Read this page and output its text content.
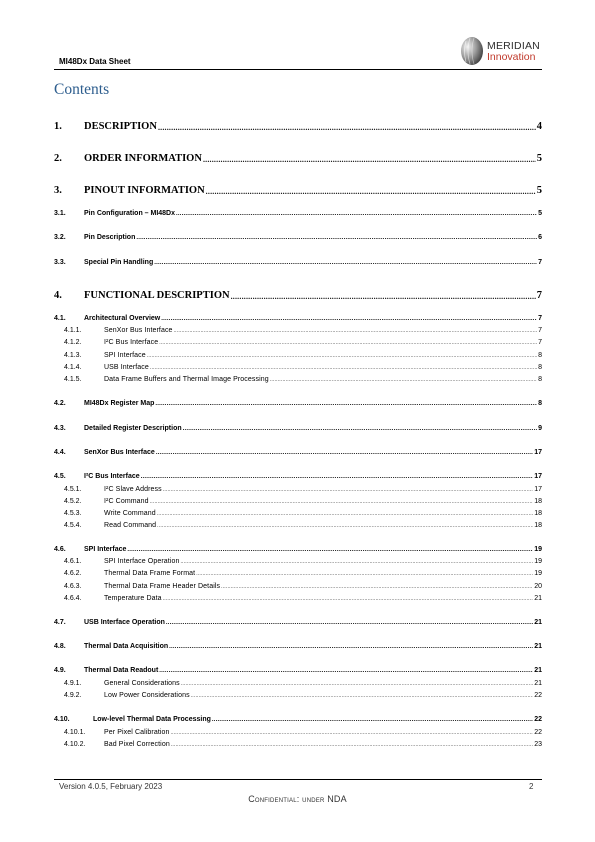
MI48Dx Data Sheet
MERIDIAN
Innovation
Contents
1.	DESCRIPTION .....	4
2.	ORDER INFORMATION .....	5
3.	PINOUT INFORMATION .....	5
3.1.	Pin Configuration – MI48Dx .....	5
3.2.	Pin Description .....	6
3.3.	Special Pin Handling .....	7
4.	FUNCTIONAL DESCRIPTION .....	7
4.1.	Architectural Overview .....	7
4.1.1.	SenXor Bus Interface .....	7
4.1.2.	I²C Bus Interface .....	7
4.1.3.	SPI Interface .....	8
4.1.4.	USB Interface .....	8
4.1.5.	Data Frame Buffers and Thermal Image Processing .....	8
4.2.	MI48Dx Register Map .....	8
4.3.	Detailed Register Description .....	9
4.4.	SenXor Bus Interface .....	17
4.5.	I²C Bus Interface .....	17
4.5.1.	I²C Slave Address .....	17
4.5.2.	I²C Command .....	18
4.5.3.	Write Command .....	18
4.5.4.	Read Command .....	18
4.6.	SPI Interface .....	19
4.6.1.	SPI Interface Operation .....	19
4.6.2.	Thermal Data Frame Format .....	19
4.6.3.	Thermal Data Frame Header Details .....	20
4.6.4.	Temperature Data .....	21
4.7.	USB Interface Operation .....	21
4.8.	Thermal Data Acquisition .....	21
4.9.	Thermal Data Readout .....	21
4.9.1.	General Considerations .....	21
4.9.2.	Low Power Considerations .....	22
4.10.	Low-level Thermal Data Processing .....	22
4.10.1.	Per Pixel Calibration .....	22
4.10.2.	Bad Pixel Correction .....	23
Version 4.0.5, February 2023	2
Confidential: under NDA
